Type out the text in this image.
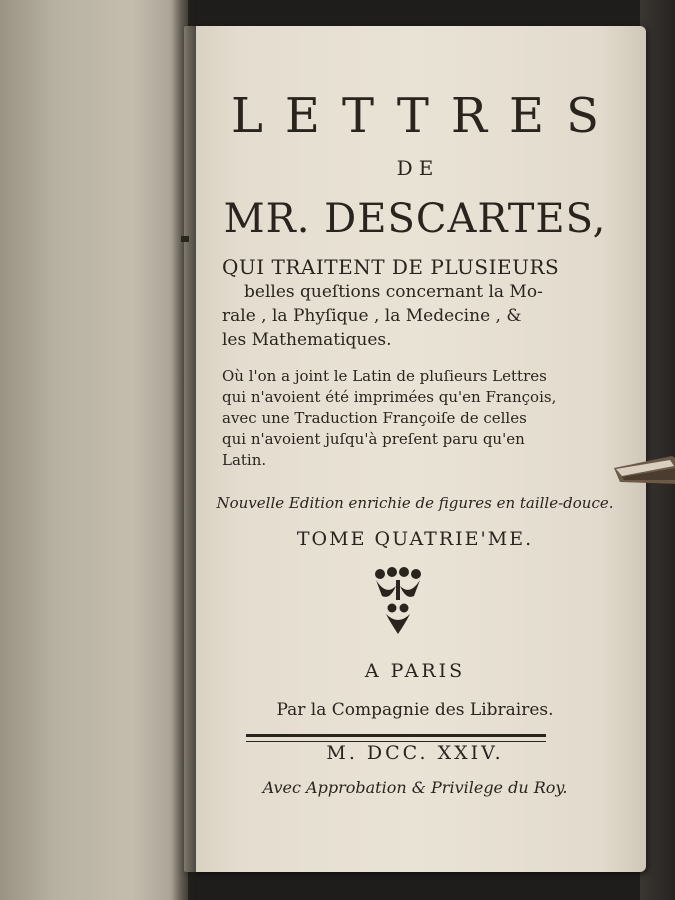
LETTRES
DE
MR. DESCARTES,
QUI TRAITENT DE PLUSIEURS
belles queſtions concernant la Mo-
rale , la Phyſique , la Medecine , &
les Mathematiques.
Où l'on a joint le Latin de pluſieurs Lettres
qui n'avoient été imprimées qu'en François,
avec une Traduction Françoiſe de celles
qui n'avoient juſqu'à preſent paru qu'en
Latin.
Nouvelle Edition enrichie de figures en taille-douce.
TOME QUATRIE'ME.
A PARIS
Par la Compagnie des Libraires.
M. DCC. XXIV.
Avec Approbation & Privilege du Roy.
